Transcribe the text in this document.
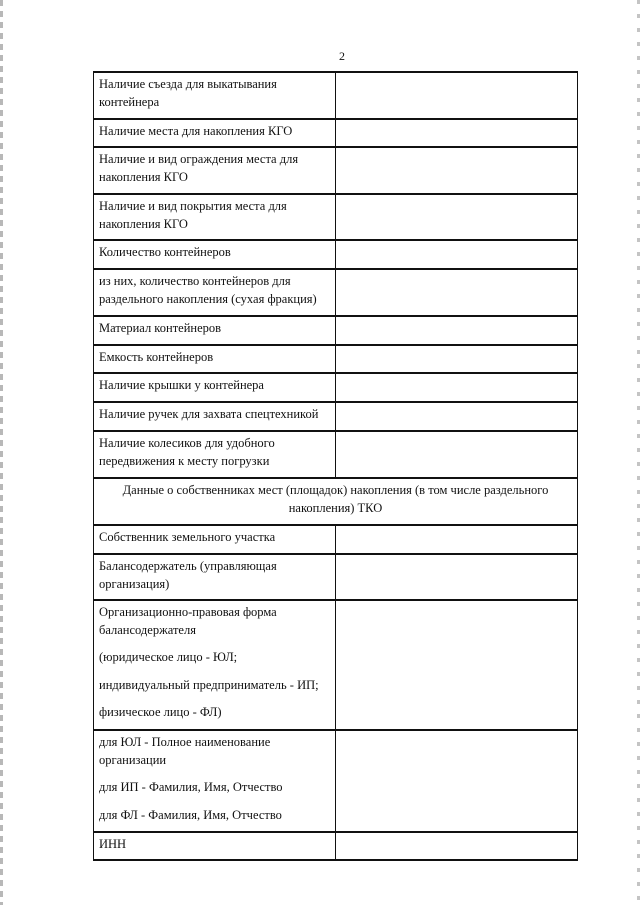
2
Наличие съезда для выкатывания контейнера	
Наличие места для накопления КГО	
Наличие и вид ограждения места для накопления КГО	
Наличие и вид покрытия места для накопления КГО	
Количество контейнеров	
из них, количество контейнеров для раздельного накопления (сухая фракция)	
Материал контейнеров	
Емкость контейнеров	
Наличие крышки у контейнера	
Наличие ручек для захвата спецтехникой	
Наличие колесиков для удобного передвижения к месту погрузки	
Данные о собственниках мест (площадок) накопления (в том числе раздельного накопления) ТКО	
Собственник земельного участка	
Балансодержатель (управляющая организация)	

Организационно-правовая форма балансодержателя
(юридическое лицо - ЮЛ;
индивидуальный предприниматель - ИП;
физическое лицо - ФЛ)	

для ЮЛ - Полное наименование организации
для ИП - Фамилия, Имя, Отчество
для ФЛ - Фамилия, Имя, Отчество	

ИНН	
